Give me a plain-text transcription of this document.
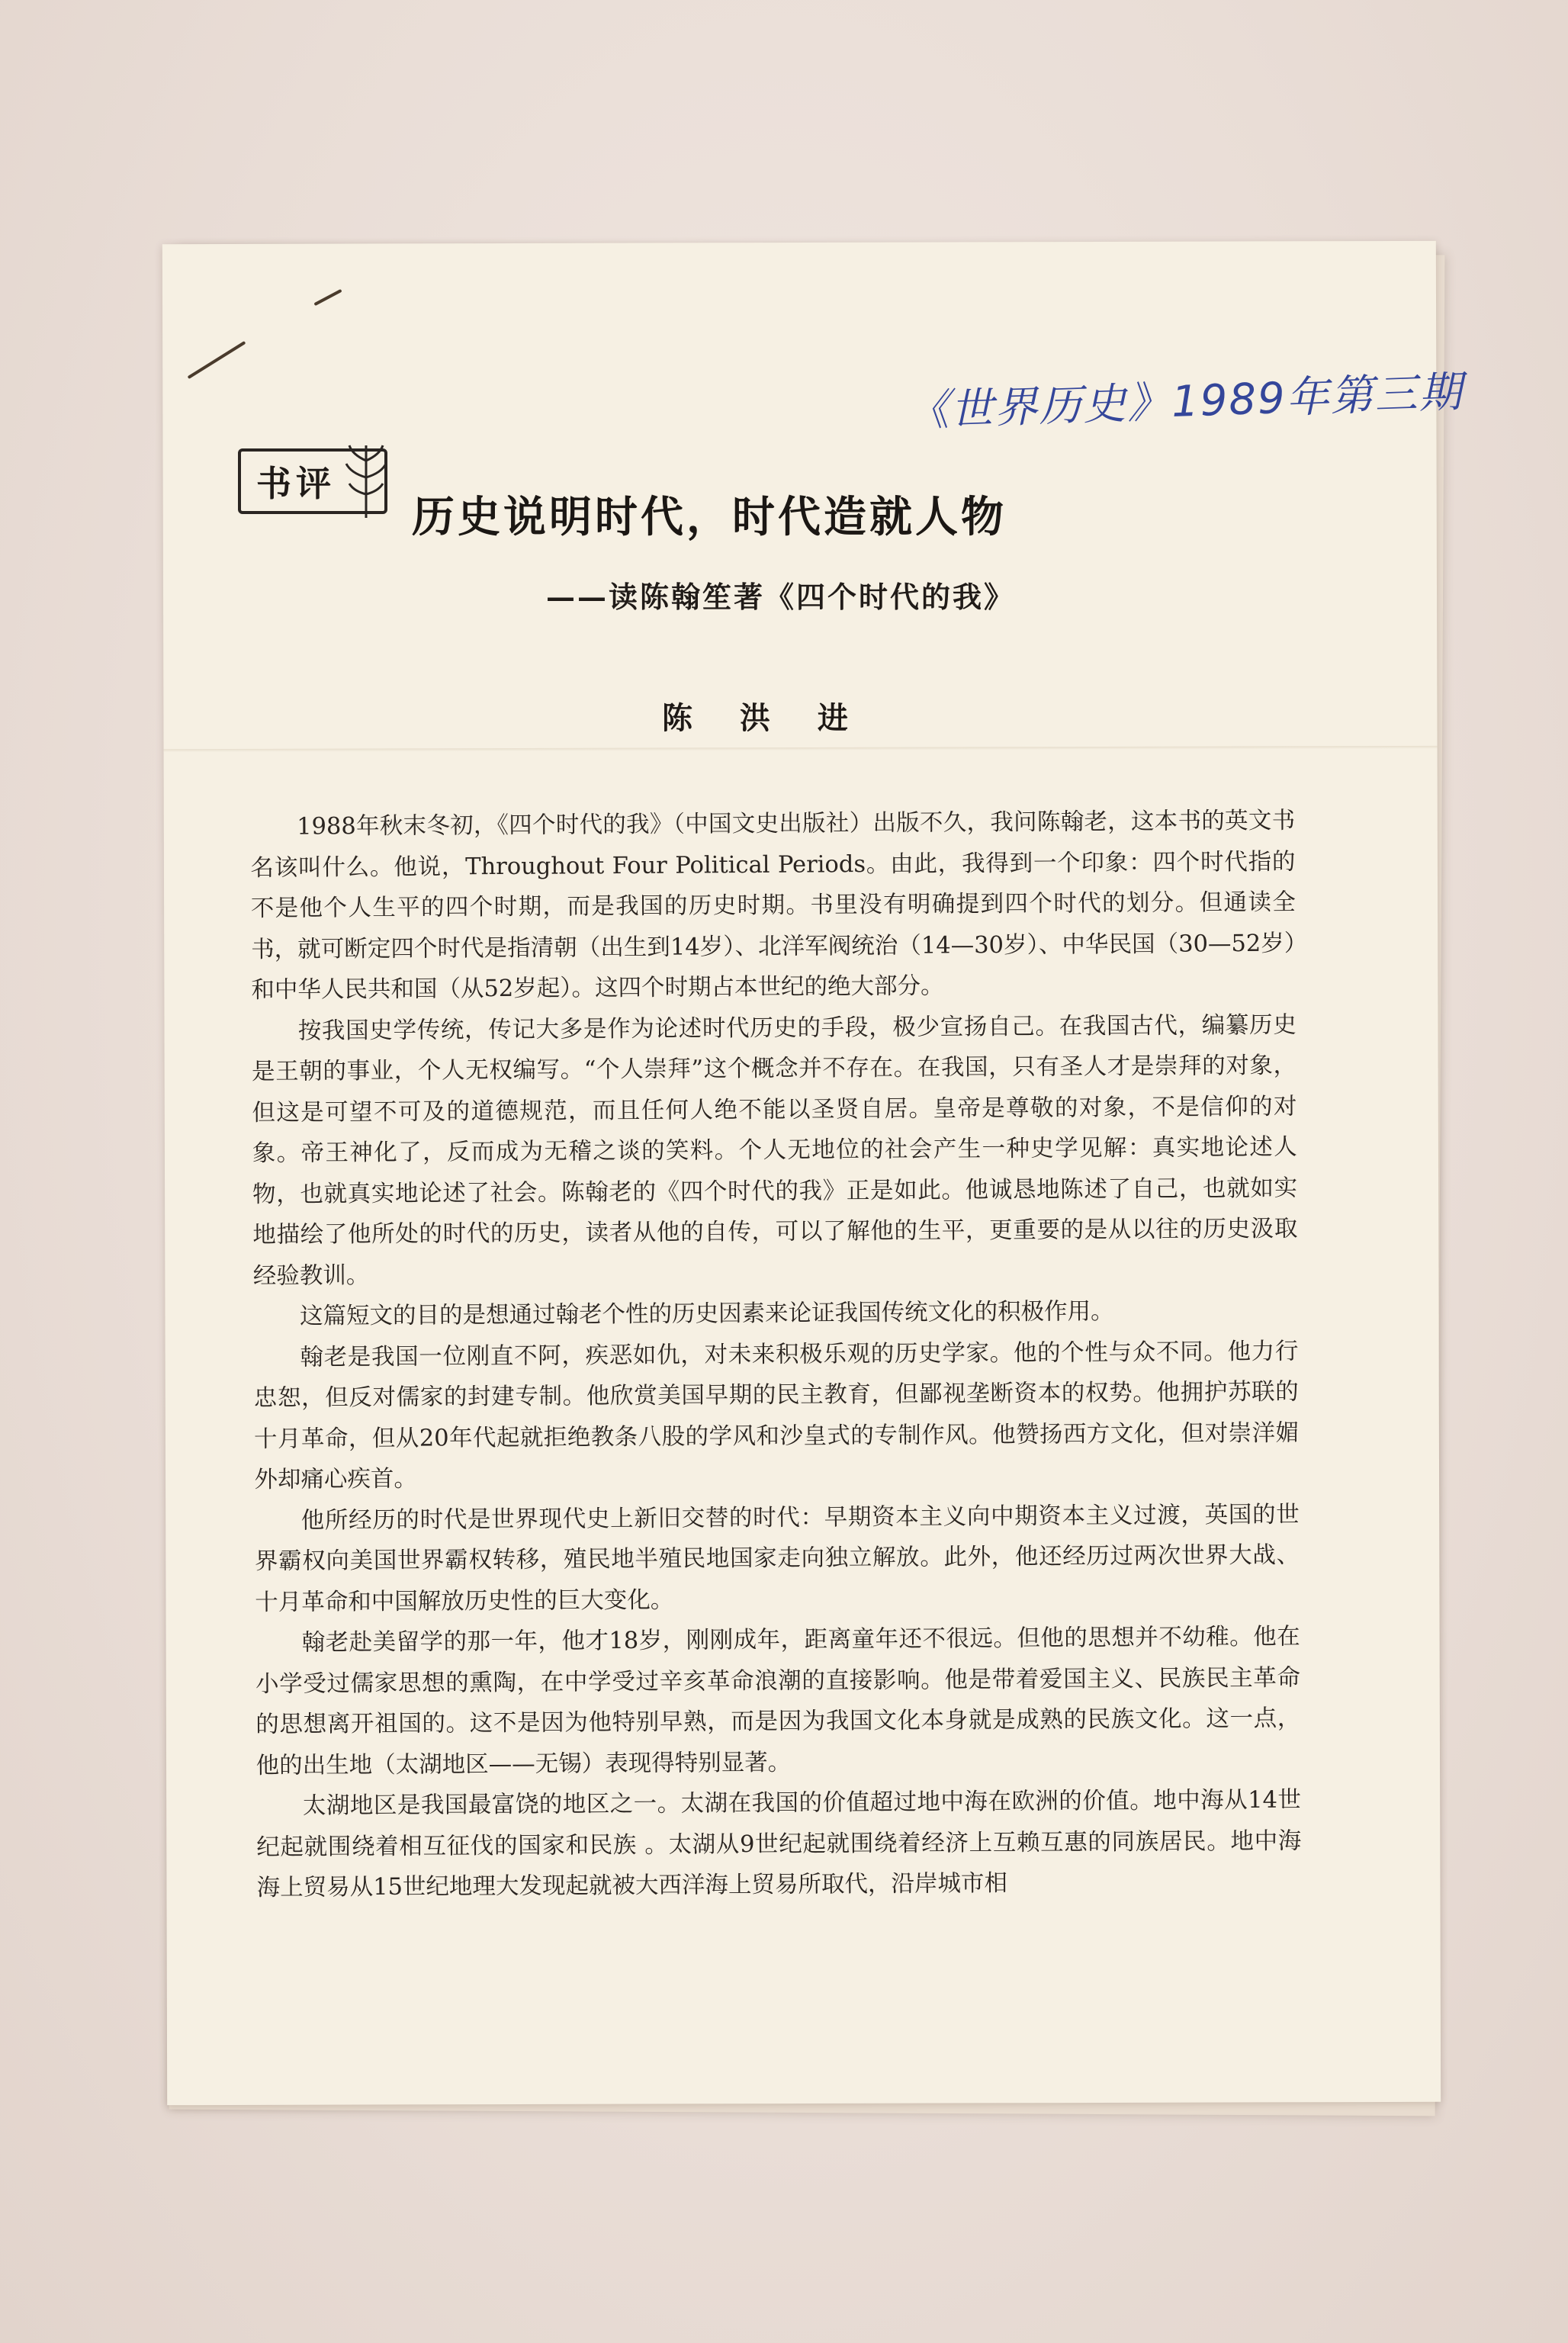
《世界历史》1989年第三期
书评
历史说明时代，时代造就人物
——读陈翰笙著《四个时代的我》
陈 洪 进

1988年秋末冬初，《四个时代的我》（中国文史出版社）出版不久，我问陈翰老，这本书的英文书名该叫什么。他说，Throughout Four Political Periods。由此，我得到一个印象：四个时代指的不是他个人生平的四个时期，而是我国的历史时期。书里没有明确提到四个时代的划分。但通读全书，就可断定四个时代是指清朝（出生到14岁）、北洋军阀统治（14—30岁）、中华民国（30—52岁）和中华人民共和国（从52岁起）。这四个时期占本世纪的绝大部分。

按我国史学传统，传记大多是作为论述时代历史的手段，极少宣扬自己。在我国古代，编纂历史是王朝的事业，个人无权编写。“个人崇拜”这个概念并不存在。在我国，只有圣人才是崇拜的对象，但这是可望不可及的道德规范，而且任何人绝不能以圣贤自居。皇帝是尊敬的对象，不是信仰的对象。帝王神化了，反而成为无稽之谈的笑料。个人无地位的社会产生一种史学见解：真实地论述人物，也就真实地论述了社会。陈翰老的《四个时代的我》正是如此。他诚恳地陈述了自己，也就如实地描绘了他所处的时代的历史，读者从他的自传，可以了解他的生平，更重要的是从以往的历史汲取经验教训。

这篇短文的目的是想通过翰老个性的历史因素来论证我国传统文化的积极作用。

翰老是我国一位刚直不阿，疾恶如仇，对未来积极乐观的历史学家。他的个性与众不同。他力行忠恕，但反对儒家的封建专制。他欣赏美国早期的民主教育，但鄙视垄断资本的权势。他拥护苏联的十月革命，但从20年代起就拒绝教条八股的学风和沙皇式的专制作风。他赞扬西方文化，但对崇洋媚外却痛心疾首。

他所经历的时代是世界现代史上新旧交替的时代：早期资本主义向中期资本主义过渡，英国的世界霸权向美国世界霸权转移，殖民地半殖民地国家走向独立解放。此外，他还经历过两次世界大战、十月革命和中国解放历史性的巨大变化。

翰老赴美留学的那一年，他才18岁，刚刚成年，距离童年还不很远。但他的思想并不幼稚。他在小学受过儒家思想的熏陶，在中学受过辛亥革命浪潮的直接影响。他是带着爱国主义、民族民主革命的思想离开祖国的。这不是因为他特别早熟，而是因为我国文化本身就是成熟的民族文化。这一点，他的出生地（太湖地区——无锡）表现得特别显著。

太湖地区是我国最富饶的地区之一。太湖在我国的价值超过地中海在欧洲的价值。地中海从14世纪起就围绕着相互征伐的国家和民族 。太湖从9世纪起就围绕着经济上互赖互惠的同族居民。地中海海上贸易从15世纪地理大发现起就被大西洋海上贸易所取代，沿岸城市相
